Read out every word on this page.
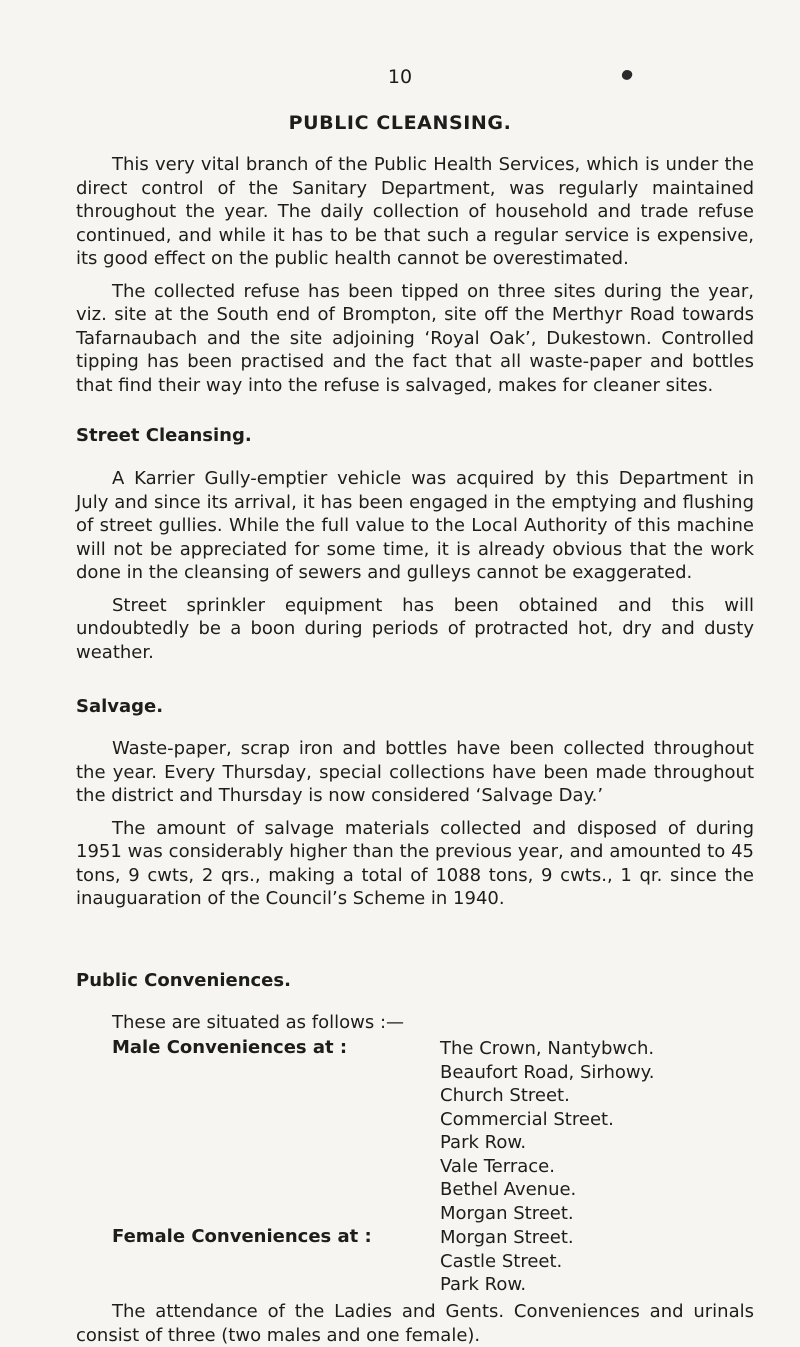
10
PUBLIC CLEANSING.

This very vital branch of the Public Health Services, which is under the direct control of the Sanitary Department, was regularly maintained throughout the year. The daily collection of household and trade refuse continued, and while it has to be that such a regular service is expensive, its good effect on the public health cannot be overestimated.

The collected refuse has been tipped on three sites during the year, viz. site at the South end of Brompton, site off the Merthyr Road towards Tafarnaubach and the site adjoining ‘Royal Oak’, Dukestown. Controlled tipping has been practised and the fact that all waste-paper and bottles that find their way into the refuse is salvaged, makes for cleaner sites.

Street Cleansing.

A Karrier Gully-emptier vehicle was acquired by this Department in July and since its arrival, it has been engaged in the emptying and flushing of street gullies. While the full value to the Local Authority of this machine will not be appreciated for some time, it is already obvious that the work done in the cleansing of sewers and gulleys cannot be exaggerated.

Street sprinkler equipment has been obtained and this will undoubtedly be a boon during periods of protracted hot, dry and dusty weather.

Salvage.

Waste-paper, scrap iron and bottles have been collected throughout the year. Every Thursday, special collections have been made throughout the district and Thursday is now considered ‘Salvage Day.’

The amount of salvage materials collected and disposed of during 1951 was considerably higher than the previous year, and amounted to 45 tons, 9 cwts, 2 qrs., making a total of 1088 tons, 9 cwts., 1 qr. since the inauguaration of the Council’s Scheme in 1940.

Public Conveniences.
These are situated as follows :—
Male Conveniences at :	The Crown, Nantybwch.
Beaufort Road, Sirhowy.
Church Street.
Commercial Street.
Park Row.
Vale Terrace.
Bethel Avenue.
Morgan Street.
Female Conveniences at :	Morgan Street.
Castle Street.
Park Row.

The attendance of the Ladies and Gents. Conveniences and urinals consist of three (two males and one female).
